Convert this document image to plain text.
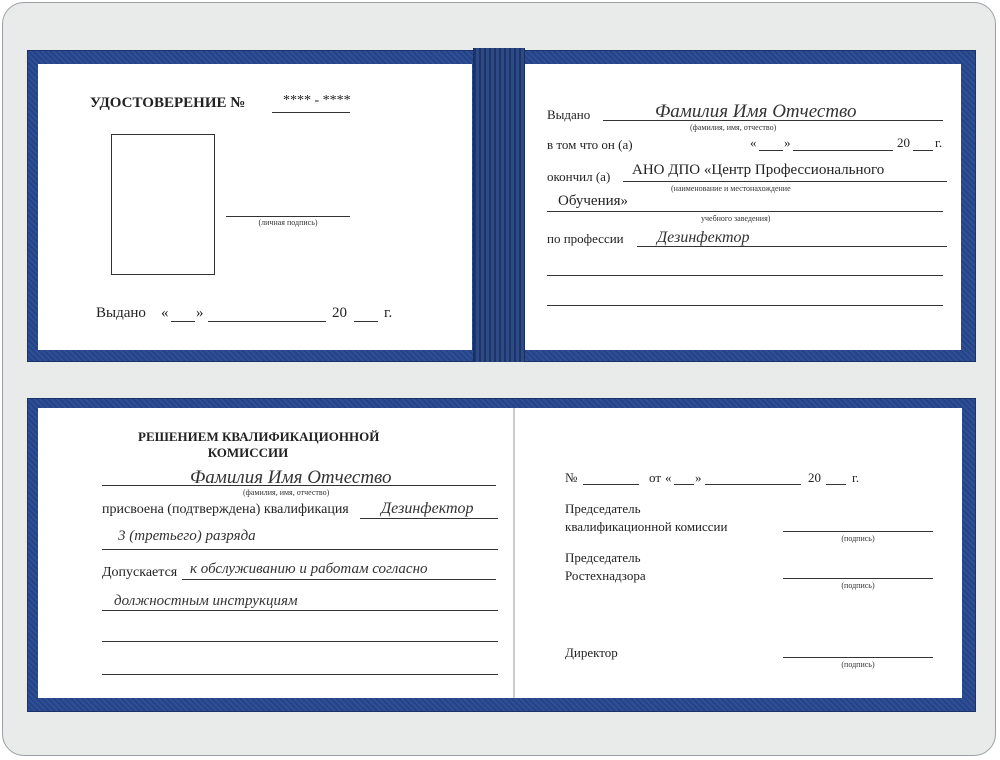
УДОСТОВЕРЕНИЕ №	**** - ****
(личная подпись)
Выдано « »	20 г.
Выдано	Фамилия Имя Отчество
(фамилия, имя, отчество)
в том что он (а)	« »	20 г.
окончил (а) АНО ДПО «Центр Профессионального
(наименование и местонахождение
Обучения»
учебного заведения)
по профессии Дезинфектор
РЕШЕНИЕМ КВАЛИФИКАЦИОННОЙ
КОМИССИИ
Фамилия Имя Отчество
(фамилия, имя, отчество)
присвоена (подтверждена) квалификация Дезинфектор
3 (третьего) разряда
Допускается к обслуживанию и работам согласно
должностным инструкциям
№	от « »	20 г.
Председатель
квалификационной комиссии
(подпись)
Председатель
Ростехнадзора
(подпись)
Директор
(подпись)
